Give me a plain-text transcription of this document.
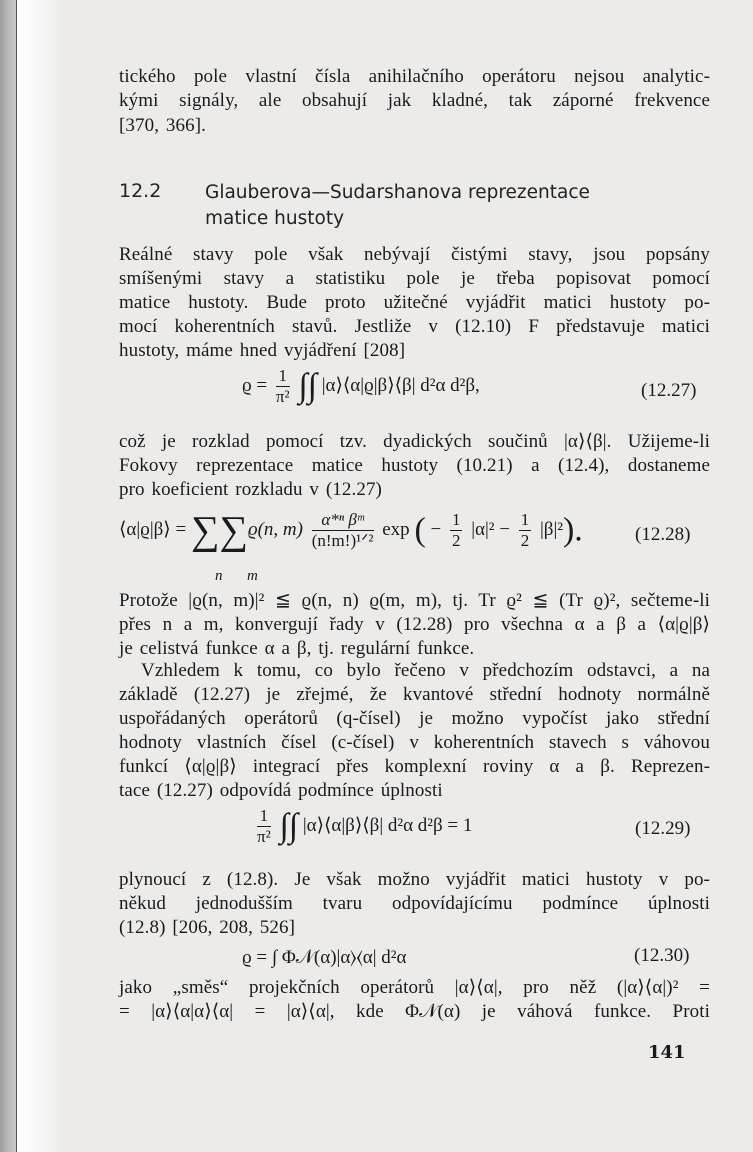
tického pole vlastní čísla anihilačního operátoru nejsou analytic-
kými signály, ale obsahují jak kladné, tak záporné frekvence
[370, 366].
12.2 Glauberova—Sudarshanova reprezentace
matice hustoty
Reálné stavy pole však nebývají čistými stavy, jsou popsány
smíšenými stavy a statistiku pole je třeba popisovat pomocí
matice hustoty. Bude proto užitečné vyjádřit matici hustoty po-
mocí koherentních stavů. Jestliže v (12.10) F představuje matici
hustoty, máme hned vyjádření [208]
$ϱ = \frac{1}{\text{π²}}$ ∫∫ |α⟩⟨α|ϱ|β⟩⟨β| d²α d²β,	(12.27)
což je rozklad pomocí tzv. dyadických součinů |α⟩⟨β|. Užijeme-li
Fokovy reprezentace matice hustoty (10.21) a (12.4), dostaneme
pro koeficient rozkladu v (12.27)
⟨α|ϱ|β⟩ = ∑∑ϱ(n, $m) \frac{\text{α*ⁿ βᵐ}}{\text{(n!m!)¹ᐟ²}}$ exp ( − $\frac{1}{2} |\alpha|^2 - \frac{1}{2} |\beta|^2$).
n m
(12.28)
Protože |ϱ(n, m)|² ≦ ϱ(n, n) ϱ(m, m), tj. Tr ϱ² ≦ (Tr ϱ)², sečteme-li
přes n a m, konvergují řady v (12.28) pro všechna α a β a ⟨α|ϱ|β⟩
je celistvá funkce α a β, tj. regulární funkce.
Vzhledem k tomu, co bylo řečeno v předchozím odstavci, a na
základě (12.27) je zřejmé, že kvantové střední hodnoty normálně
uspořádaných operátorů (q-čísel) je možno vypočíst jako střední
hodnoty vlastních čísel (c-čísel) v koherentních stavech s váhovou
funkcí ⟨α|ϱ|β⟩ integrací přes komplexní roviny α a β. Reprezen-
tace (12.27) odpovídá podmínce úplnosti
$\frac{1}{\text{π²}}$ ∫∫ |α⟩⟨α|β⟩⟨β| d²α d²β = 1	(12.29)
plynoucí z (12.8). Je však možno vyjádřit matici hustoty v po-
někud jednodušším tvaru odpovídajícímu podmínce úplnosti
(12.8) [206, 208, 526]
ϱ = ∫ Φ𝒩(α)|α⟩⟨α| d²α	(12.30)
jako „směs“ projekčních operátorů |α⟩⟨α|, pro něž (|α⟩⟨α|)² =
= |α⟩⟨α|α⟩⟨α| = |α⟩⟨α|, kde Φ𝒩(α) je váhová funkce. Proti
141
